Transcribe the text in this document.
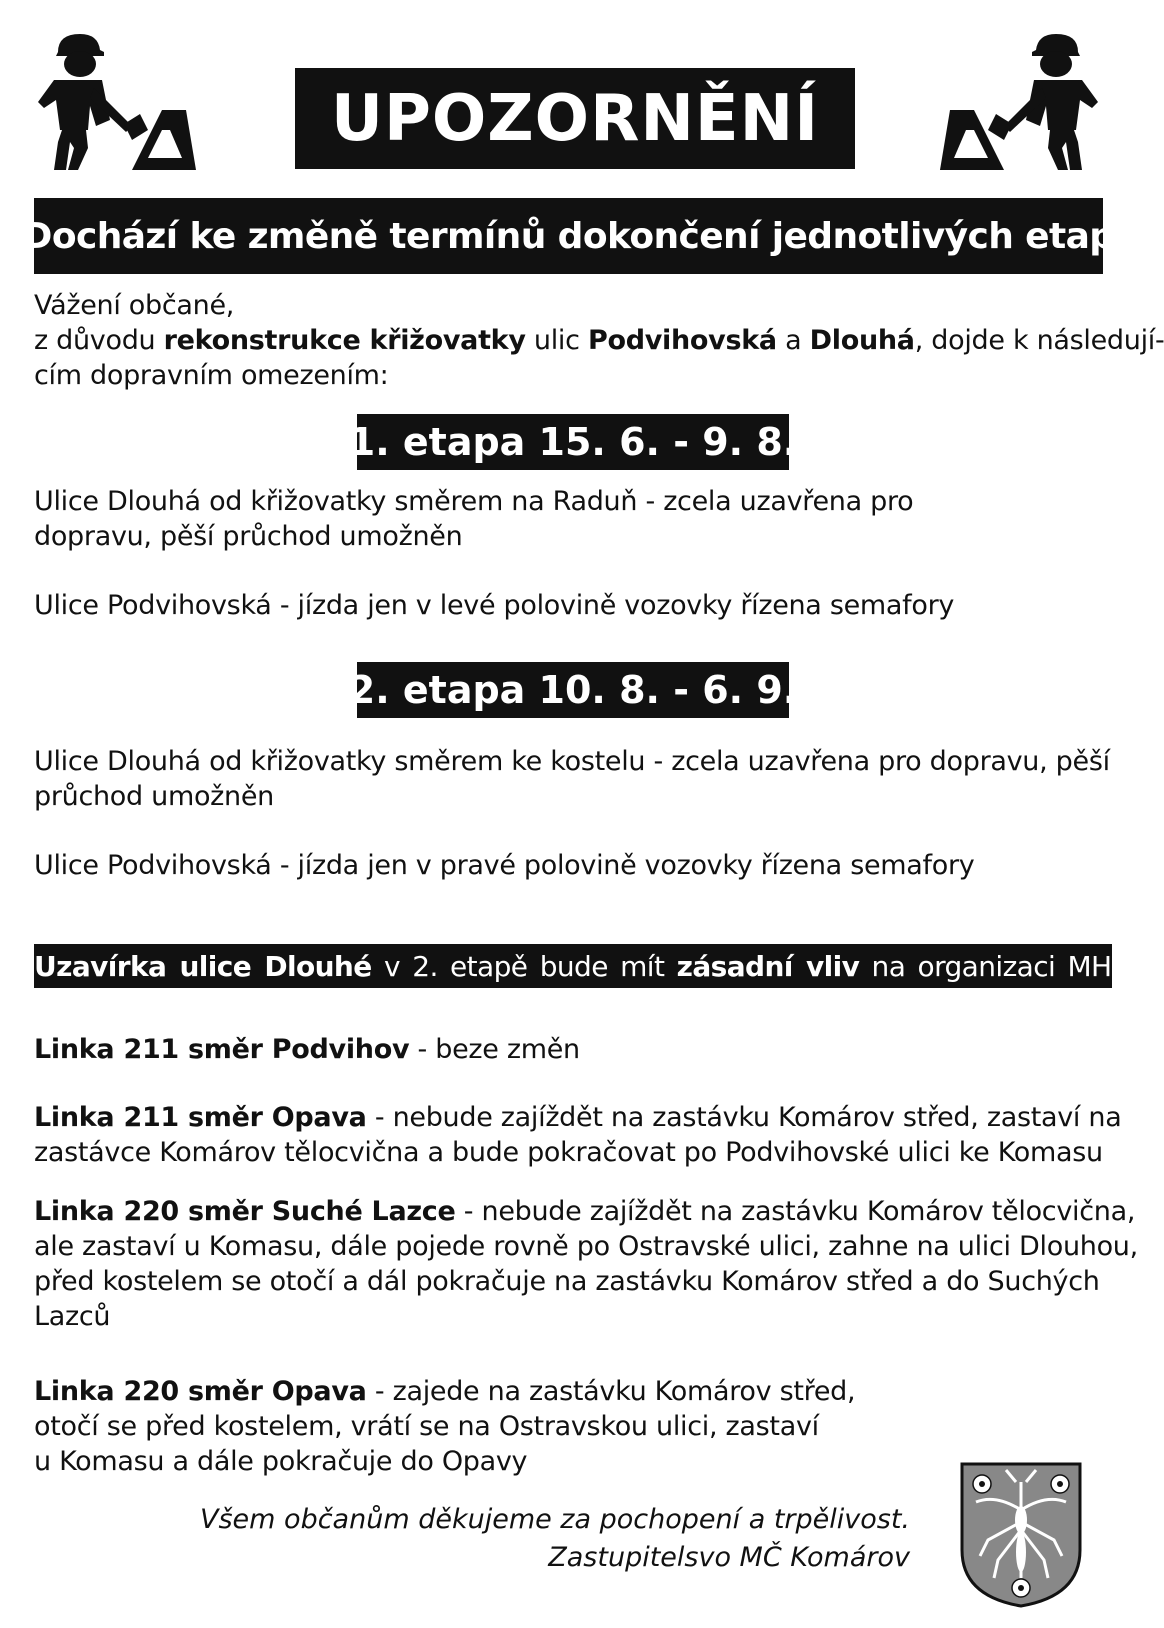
UPOZORNĚNÍ
Dochází ke změně termínů dokončení jednotlivých etap
Vážení občané,
z důvodu rekonstrukce křižovatky ulic Podvihovská a Dlouhá, dojde k následují-
cím dopravním omezením:
1. etapa 15. 6. - 9. 8.
Ulice Dlouhá od křižovatky směrem na Raduň - zcela uzavřena pro
dopravu, pěší průchod umožněn
Ulice Podvihovská - jízda jen v levé polovině vozovky řízena semafory
2. etapa 10. 8. - 6. 9.
Ulice Dlouhá od křižovatky směrem ke kostelu - zcela uzavřena pro dopravu, pěší
průchod umožněn
Ulice Podvihovská - jízda jen v pravé polovině vozovky řízena semafory
Uzavírka ulice Dlouhé v 2. etapě bude mít zásadní vliv na organizaci MHD.
Linka 211 směr Podvihov - beze změn
Linka 211 směr Opava - nebude zajíždět na zastávku Komárov střed, zastaví na
zastávce Komárov tělocvična a bude pokračovat po Podvihovské ulici ke Komasu
Linka 220 směr Suché Lazce - nebude zajíždět na zastávku Komárov tělocvična,
ale zastaví u Komasu, dále pojede rovně po Ostravské ulici, zahne na ulici Dlouhou,
před kostelem se otočí a dál pokračuje na zastávku Komárov střed a do Suchých
Lazců
Linka 220 směr Opava - zajede na zastávku Komárov střed,
otočí se před kostelem, vrátí se na Ostravskou ulici, zastaví
u Komasu a dále pokračuje do Opavy
Všem občanům děkujeme za pochopení a trpělivost.
Zastupitelsvo MČ Komárov
